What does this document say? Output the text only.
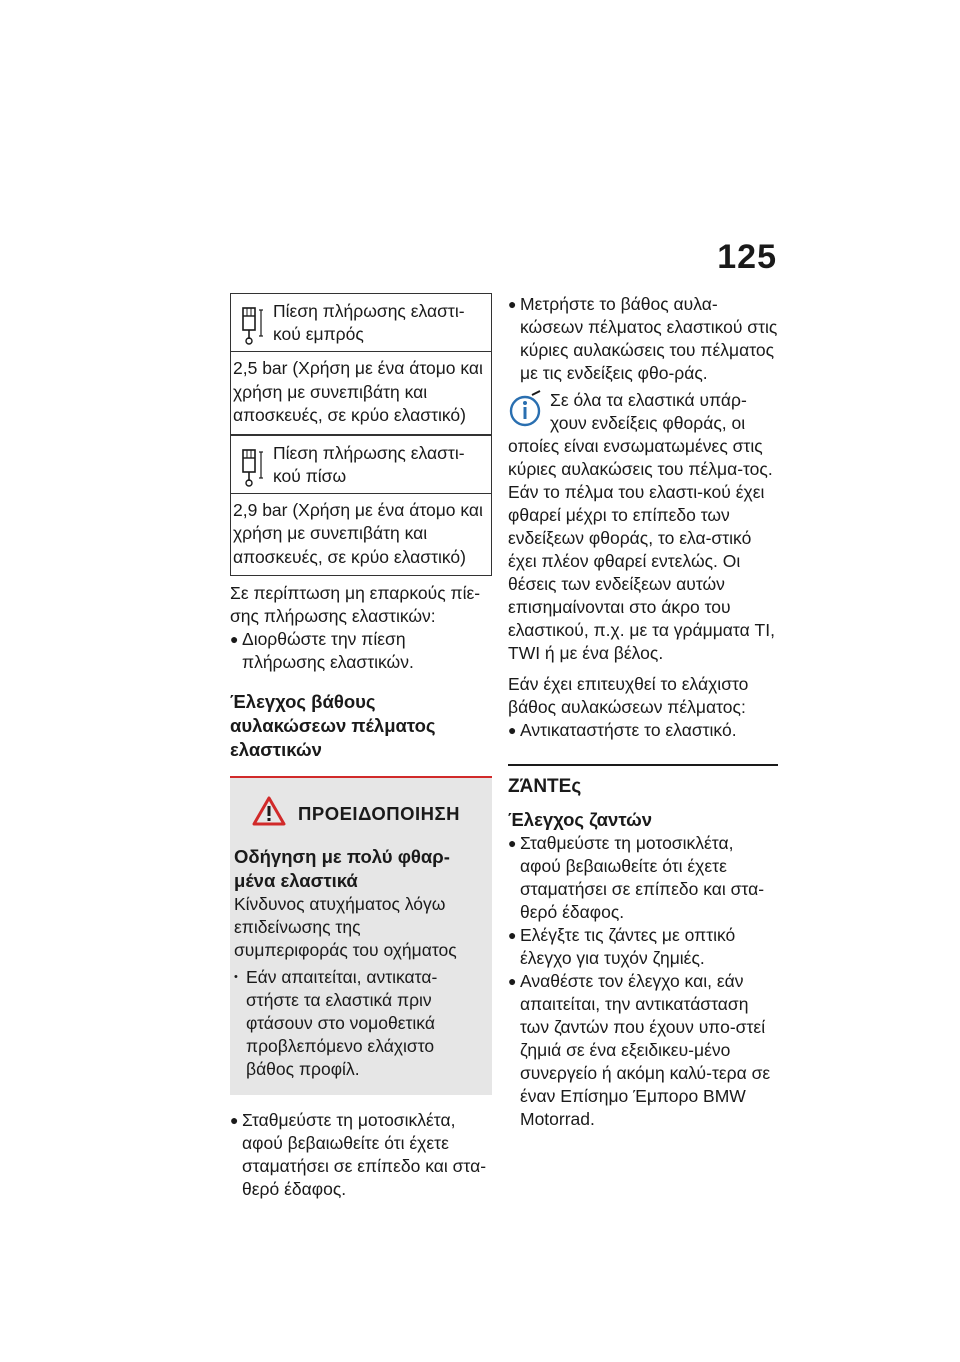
125
Πίεση πλήρωσης ελαστι-
κού εμπρός
2,5 bar (Χρήση με ένα άτομο και χρήση με συνεπιβάτη και αποσκευές, σε κρύο ελαστικό)
Πίεση πλήρωσης ελαστι-
κού πίσω
2,9 bar (Χρήση με ένα άτομο και χρήση με συνεπιβάτη και αποσκευές, σε κρύο ελαστικό)

Σε περίπτωση μη επαρκούς πίε-σης πλήρωσης ελαστικών:

● Διορθώστε την πίεση πλήρωσης ελαστικών.
Έλεγχος βάθους αυλακώσεων πέλματος ελαστικών
ΠΡΟΕΙΔΟΠΟΙΗΣΗ
Οδήγηση με πολύ φθαρ-μένα ελαστικά

Κίνδυνος ατυχήματος λόγω επιδείνωσης της συμπεριφοράς του οχήματος

• Εάν απαιτείται, αντικατα-στήστε τα ελαστικά πριν φτάσουν στο νομοθετικά προβλεπόμενο ελάχιστο βάθος προφίλ.
● Σταθμεύστε τη μοτοσικλέτα, αφού βεβαιωθείτε ότι έχετε σταματήσει σε επίπεδο και στα-θερό έδαφος.
● Μετρήστε το βάθος αυλα-κώσεων πέλματος ελαστικού στις κύριες αυλακώσεις του πέλματος με τις ενδείξεις φθο-ράς.
Σε όλα τα ελαστικά υπάρ-χουν ενδείξεις φθοράς, οι

οποίες είναι ενσωματωμένες στις κύριες αυλακώσεις του πέλμα-τος. Εάν το πέλμα του ελαστι-κού έχει φθαρεί μέχρι το επίπεδο των ενδείξεων φθοράς, το ελα-στικό έχει πλέον φθαρεί εντελώς. Οι θέσεις των ενδείξεων αυτών επισημαίνονται στο άκρο του ελαστικού, π.χ. με τα γράμματα TI, TWI ή με ένα βέλος.

Εάν έχει επιτευχθεί το ελάχιστο βάθος αυλακώσεων πέλματος:

● Αντικαταστήστε το ελαστικό.
ΖΆΝΤΕς
Έλεγχος ζαντών
● Σταθμεύστε τη μοτοσικλέτα, αφού βεβαιωθείτε ότι έχετε σταματήσει σε επίπεδο και στα-θερό έδαφος.
● Ελέγξτε τις ζάντες με οπτικό έλεγχο για τυχόν ζημιές.
● Αναθέστε τον έλεγχο και, εάν απαιτείται, την αντικατάσταση των ζαντών που έχουν υπο-στεί ζημιά σε ένα εξειδικευ-μένο συνεργείο ή ακόμη καλύ-τερα σε έναν Επίσημο Έμπορο BMW Motorrad.
